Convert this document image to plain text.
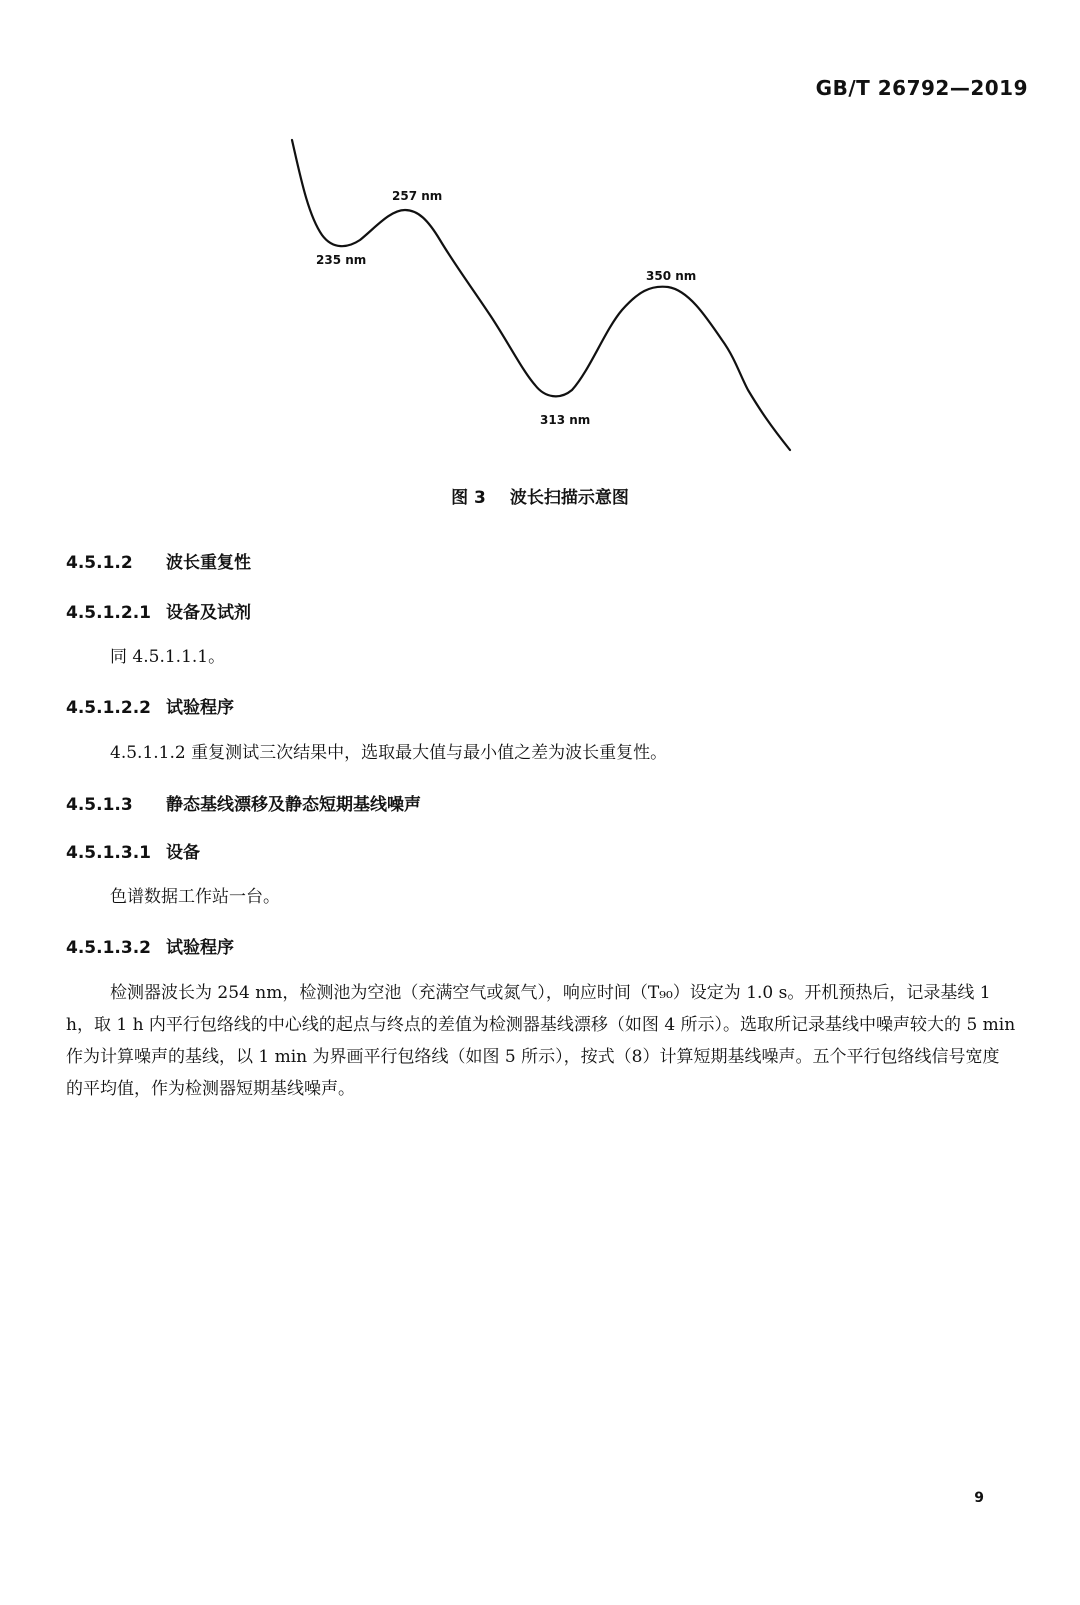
GB/T 26792—2019
257 nm
235 nm
350 nm
313 nm
图 3 波长扫描示意图
4.5.1.2 波长重复性
4.5.1.2.1 设备及试剂
同 4.5.1.1.1。
4.5.1.2.2 试验程序
4.5.1.1.2 重复测试三次结果中，选取最大值与最小值之差为波长重复性。
4.5.1.3 静态基线漂移及静态短期基线噪声
4.5.1.3.1 设备
色谱数据工作站一台。
4.5.1.3.2 试验程序
检测器波长为 254 nm，检测池为空池（充满空气或氮气），响应时间（T₉₀）设定为 1.0 s。开机预热后，记录基线 1 h，取 1 h 内平行包络线的中心线的起点与终点的差值为检测器基线漂移（如图 4 所示）。选取所记录基线中噪声较大的 5 min 作为计算噪声的基线，以 1 min 为界画平行包络线（如图 5 所示），按式（8）计算短期基线噪声。五个平行包络线信号宽度的平均值，作为检测器短期基线噪声。
9
